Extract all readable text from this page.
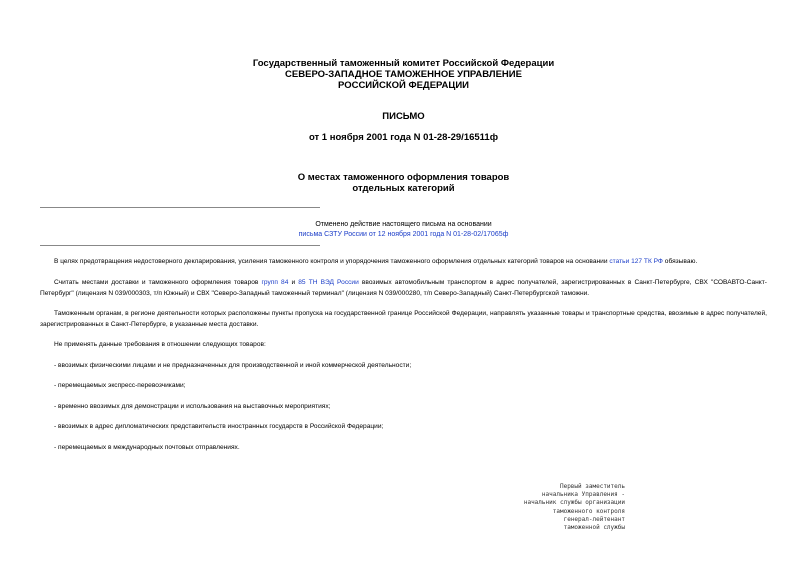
Государственный таможенный комитет Российской Федерации
СЕВЕРО-ЗАПАДНОЕ ТАМОЖЕННОЕ УПРАВЛЕНИЕ
РОССИЙСКОЙ ФЕДЕРАЦИИ
ПИСЬМО
от 1 ноября 2001 года N 01-28-29/16511ф
О местах таможенного оформления товаров
отдельных категорий
Отменено действие настоящего письма на основании
письма СЗТУ России от 12 ноября 2001 года N 01-28-02/17065ф
В целях предотвращения недостоверного декларирования, усиления таможенного контроля и упорядочения таможенного оформления отдельных категорий товаров на основании статьи 127 ТК РФ обязываю.
Считать местами доставки и таможенного оформления товаров групп 84 и 85 ТН ВЭД России ввозимых автомобильным транспортом в адрес получателей, зарегистрированных в Санкт-Петербурге, СВХ "СОВАВТО-Санкт-Петербург" (лицензия N 039/000303, т/п Южный) и СВХ "Северо-Западный таможенный терминал" (лицензия N 039/000280, т/п Северо-Западный) Санкт-Петербургской таможни.
Таможенным органам, в регионе деятельности которых расположены пункты пропуска на государственной границе Российской Федерации, направлять указанные товары и транспортные средства, ввозимые в адрес получателей, зарегистрированных в Санкт-Петербурге, в указанные места доставки.
Не применять данные требования в отношении следующих товаров:
- ввозимых физическими лицами и не предназначенных для производственной и иной коммерческой деятельности;
- перемещаемых экспресс-перевозчиками;
- временно ввозимых для демонстрации и использования на выставочных мероприятиях;
- ввозимых в адрес дипломатических представительств иностранных государств в Российской Федерации;
- перемещаемых в международных почтовых отправлениях.
Первый заместитель
начальника Управления -
начальник службы организации
таможенного контроля
генерал-лейтенант
таможенной службы
